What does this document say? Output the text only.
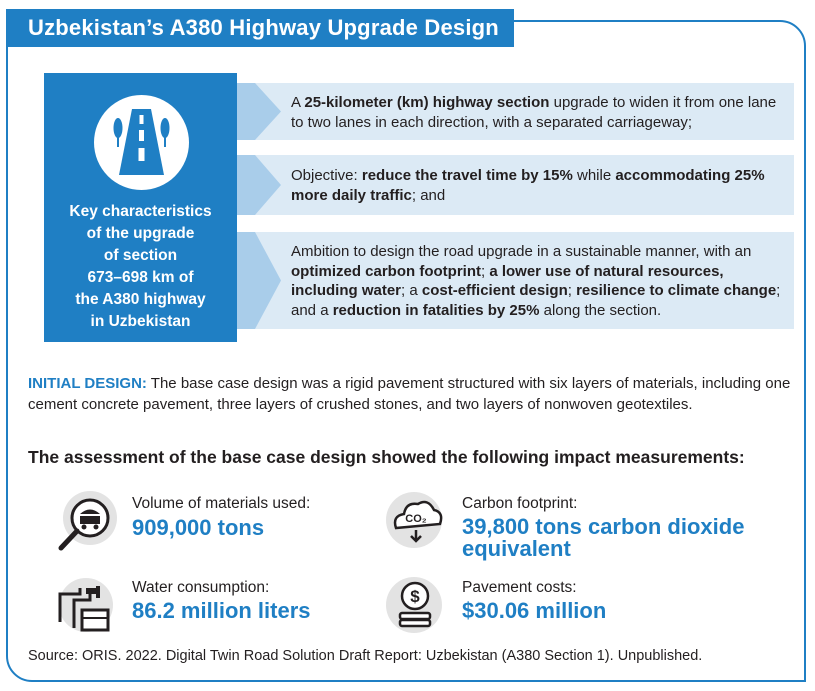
Uzbekistan’s A380 Highway Upgrade Design
Key characteristics
of the upgrade
of section
673–698 km of
the A380 highway
in Uzbekistan
A 25-kilometer (km) highway section upgrade to widen it from one lane to two lanes in each direction, with a separated carriageway;
Objective: reduce the travel time by 15% while accommodating 25% more daily traffic; and
Ambition to design the road upgrade in a sustainable manner, with an optimized carbon footprint; a lower use of natural resources, including water; a cost-efficient design; resilience to climate change; and a reduction in fatalities by 25% along the section.
INITIAL DESIGN: The base case design was a rigid pavement structured with six layers of materials, including one cement concrete pavement, three layers of crushed stones, and two layers of nonwoven geotextiles.
The assessment of the base case design showed the following impact measurements:
Volume of materials used:
909,000 tons	CO₂
Carbon footprint:
39,800 tons carbon dioxide
equivalent
Water consumption:
86.2 million liters
$	Pavement costs:
$30.06 million
Source: ORIS. 2022. Digital Twin Road Solution Draft Report: Uzbekistan (A380 Section 1). Unpublished.
